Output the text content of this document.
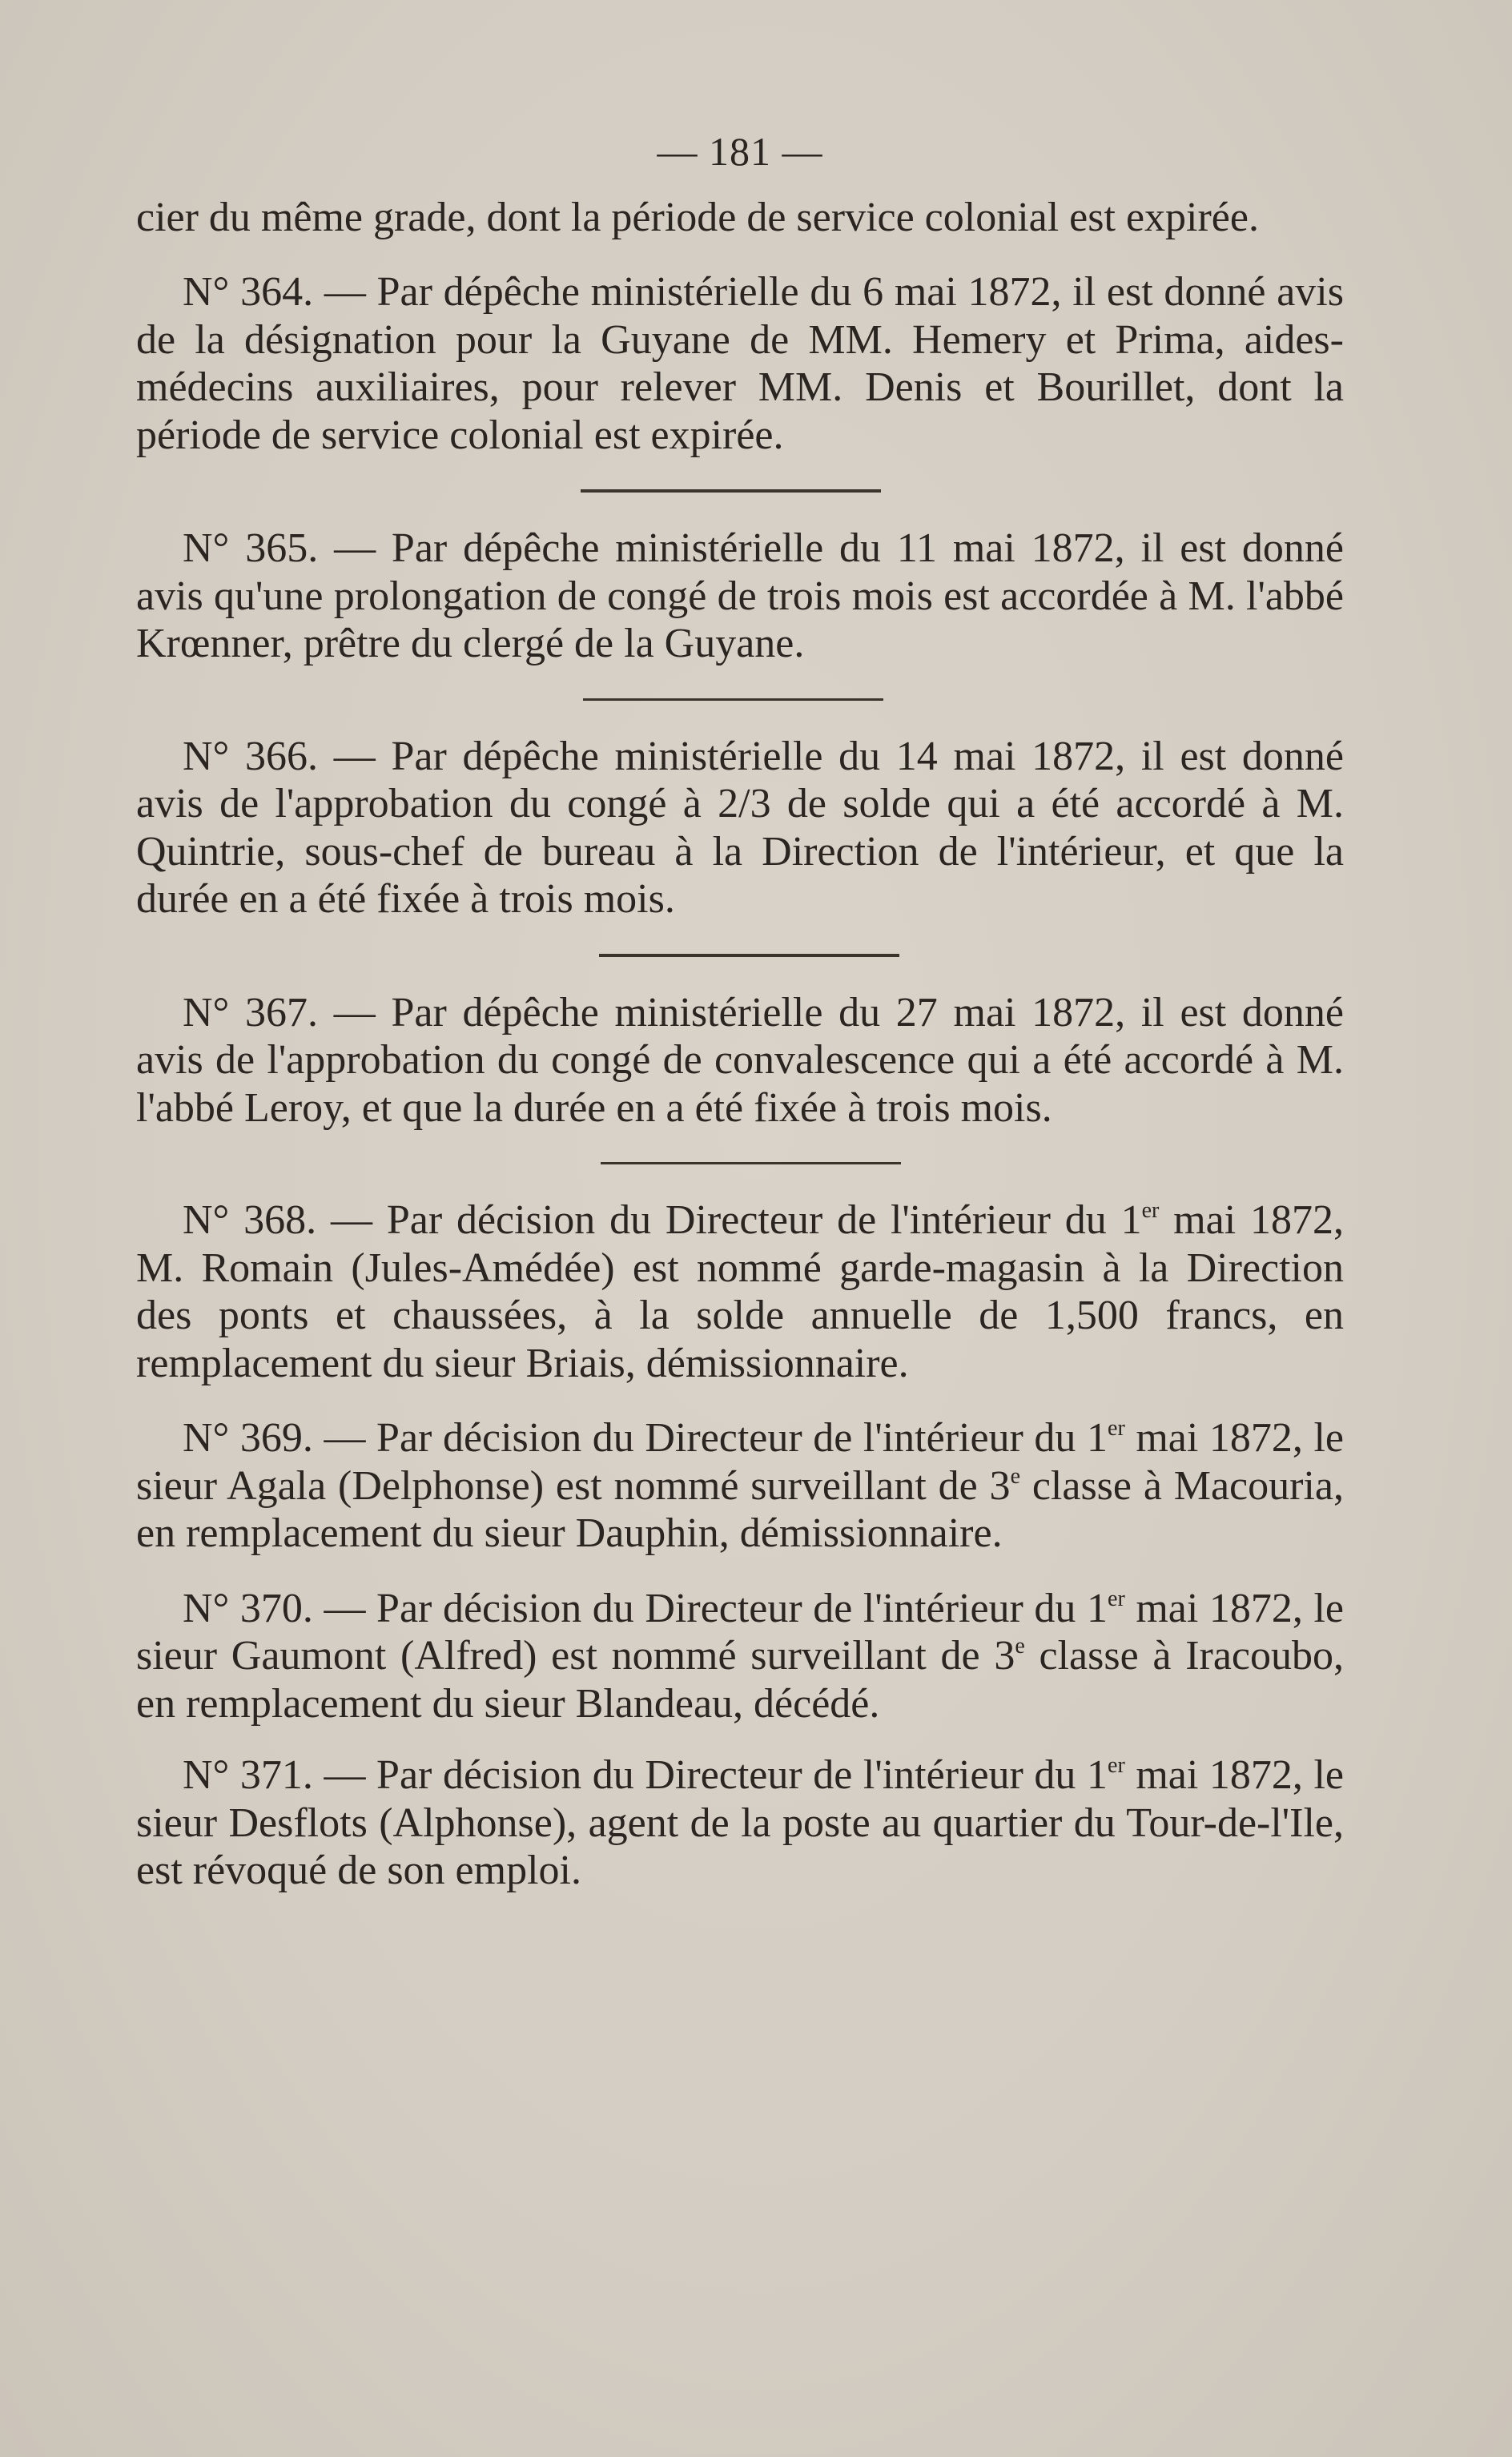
— 181 —

cier du même grade, dont la période de service colonial est expirée.

N° 364. — Par dépêche ministérielle du 6 mai 1872, il est donné avis de la désignation pour la Guyane de MM. Hemery et Prima, aides-médecins auxiliaires, pour relever MM. Denis et Bourillet, dont la période de service colonial est expirée.

N° 365. — Par dépêche ministérielle du 11 mai 1872, il est donné avis qu'une prolongation de congé de trois mois est accordée à M. l'abbé Krœnner, prêtre du clergé de la Guyane.

N° 366. — Par dépêche ministérielle du 14 mai 1872, il est donné avis de l'approbation du congé à 2/3 de solde qui a été accordé à M. Quintrie, sous-chef de bureau à la Direction de l'intérieur, et que la durée en a été fixée à trois mois.

N° 367. — Par dépêche ministérielle du 27 mai 1872, il est donné avis de l'approbation du congé de convalescence qui a été accordé à M. l'abbé Leroy, et que la durée en a été fixée à trois mois.

N° 368. — Par décision du Directeur de l'intérieur du 1er mai 1872, M. Romain (Jules-Amédée) est nommé garde-magasin à la Direction des ponts et chaussées, à la solde annuelle de 1,500 francs, en remplacement du sieur Briais, démissionnaire.

N° 369. — Par décision du Directeur de l'intérieur du 1er mai 1872, le sieur Agala (Delphonse) est nommé surveillant de 3e classe à Macouria, en remplacement du sieur Dauphin, démissionnaire.

N° 370. — Par décision du Directeur de l'intérieur du 1er mai 1872, le sieur Gaumont (Alfred) est nommé surveillant de 3e classe à Iracoubo, en remplacement du sieur Blandeau, décédé.

N° 371. — Par décision du Directeur de l'intérieur du 1er mai 1872, le sieur Desflots (Alphonse), agent de la poste au quartier du Tour-de-l'Ile, est révoqué de son emploi.
